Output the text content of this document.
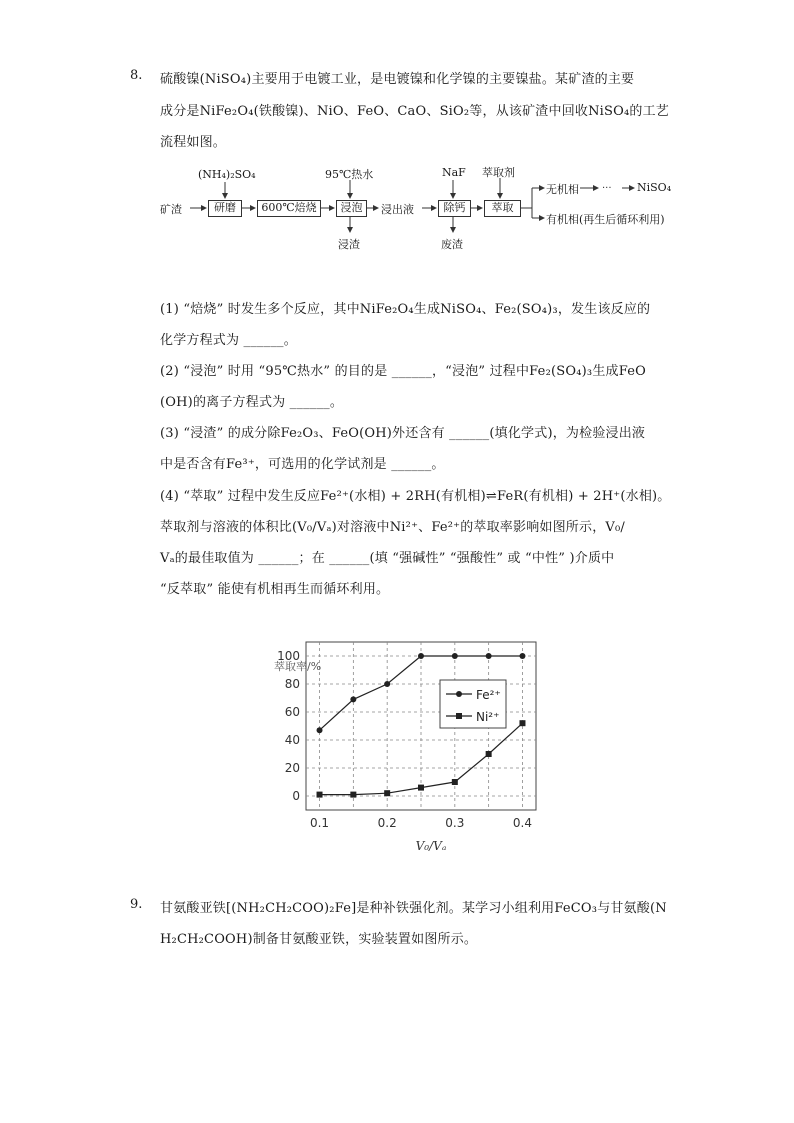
8. 硫酸镍(NiSO₄)主要用于电镀工业，是电镀镍和化学镍的主要镍盐。某矿渣的主要
成分是NiFe₂O₄(铁酸镍)、NiO、FeO、CaO、SiO₂等，从该矿渣中回收NiSO₄的工艺
流程如图。
···
矿渣
(NH₄)₂SO₄
研磨	600℃焙烧
95℃热水
浸泡
浸渣
浸出液
NaF
除钙
废渣
萃取剂
萃取
无机相	NiSO₄
有机相(再生后循环利用)
(1) “焙烧” 时发生多个反应，其中NiFe₂O₄生成NiSO₄、Fe₂(SO₄)₃，发生该反应的
化学方程式为 ______。
(2) “浸泡” 时用 “95℃热水” 的目的是 ______，“浸泡” 过程中Fe₂(SO₄)₃生成FeO
(OH)的离子方程式为 ______。
(3) “浸渣” 的成分除Fe₂O₃、FeO(OH)外还含有 ______(填化学式)，为检验浸出液
中是否含有Fe³⁺，可选用的化学试剂是 ______。
(4) “萃取” 过程中发生反应Fe²⁺(水相) + 2RH(有机相)⇌FeR(有机相) + 2H⁺(水相)。
萃取剂与溶液的体积比(V₀/Vₐ)对溶液中Ni²⁺、Fe²⁺的萃取率影响如图所示，V₀/
Vₐ的最佳取值为 ______；在 ______(填 “强碱性” “强酸性” 或 “中性” )介质中
“反萃取” 能使有机相再生而循环利用。
0
20
40
60
80
100
0.1	0.2	0.3	0.4
V₀/Vₐ
萃取率/%
Fe²⁺
Ni²⁺
9. 甘氨酸亚铁[(NH₂CH₂COO)₂Fe]是种补铁强化剂。某学习小组利用FeCO₃与甘氨酸(N
H₂CH₂COOH)制备甘氨酸亚铁，实验装置如图所示。
